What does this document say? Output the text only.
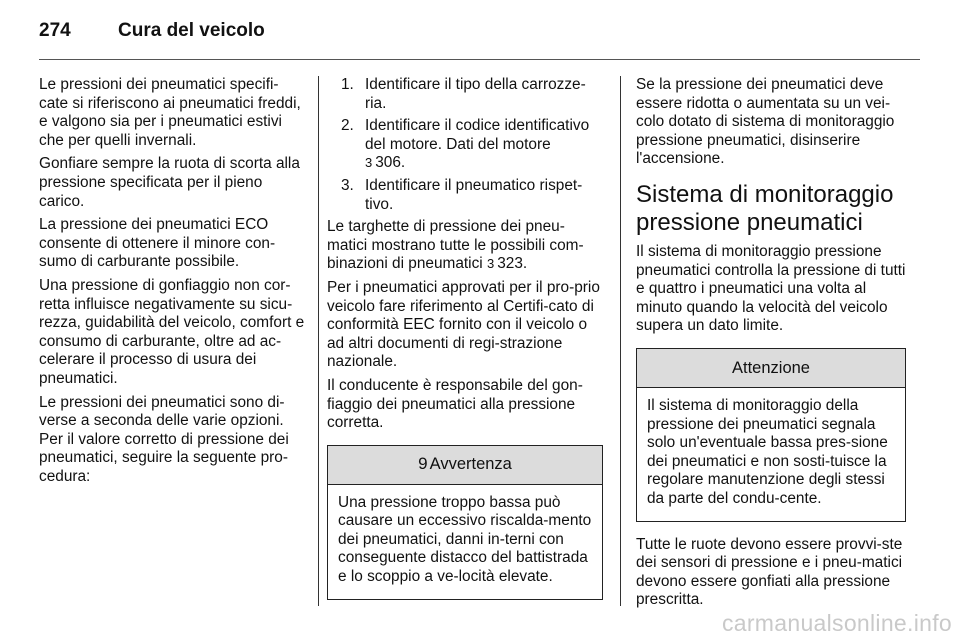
274 Cura del veicolo

Le pressioni dei pneumatici specifi-cate si riferiscono ai pneumatici freddi, e valgono sia per i pneumatici estivi che per quelli invernali.

Gonfiare sempre la ruota di scorta alla pressione specificata per il pieno carico.

La pressione dei pneumatici ECO consente di ottenere il minore con-sumo di carburante possibile.

Una pressione di gonfiaggio non cor-retta influisce negativamente su sicu-rezza, guidabilità del veicolo, comfort e consumo di carburante, oltre ad ac-celerare il processo di usura dei pneumatici.

Le pressioni dei pneumatici sono di-verse a seconda delle varie opzioni. Per il valore corretto di pressione dei pneumatici, seguire la seguente pro-cedura:

1. Identificare il tipo della carrozze-ria.
2. Identificare il codice identificativo del motore. Dati del motore
3 306.
3. Identificare il pneumatico rispet-tivo.

Le targhette di pressione dei pneu-matici mostrano tutte le possibili com-binazioni di pneumatici 3 323.

Per i pneumatici approvati per il pro-prio veicolo fare riferimento al Certifi-cato di conformità EEC fornito con il veicolo o ad altri documenti di regi-strazione nazionale.

Il conducente è responsabile del gon-fiaggio dei pneumatici alla pressione corretta.

9 Avvertenza
Una pressione troppo bassa può causare un eccessivo riscalda-mento dei pneumatici, danni in-terni con conseguente distacco del battistrada e lo scoppio a ve-locità elevate.

Se la pressione dei pneumatici deve essere ridotta o aumentata su un vei-colo dotato di sistema di monitoraggio pressione pneumatici, disinserire l'accensione.

Sistema di monitoraggio pressione pneumatici

Il sistema di monitoraggio pressione pneumatici controlla la pressione di tutti e quattro i pneumatici una volta al minuto quando la velocità del veicolo supera un dato limite.

Attenzione
Il sistema di monitoraggio della pressione dei pneumatici segnala solo un'eventuale bassa pres-sione dei pneumatici e non sosti-tuisce la regolare manutenzione degli stessi da parte del condu-cente.

Tutte le ruote devono essere provvi-ste dei sensori di pressione e i pneu-matici devono essere gonfiati alla pressione prescritta.

carmanualsonline.info
